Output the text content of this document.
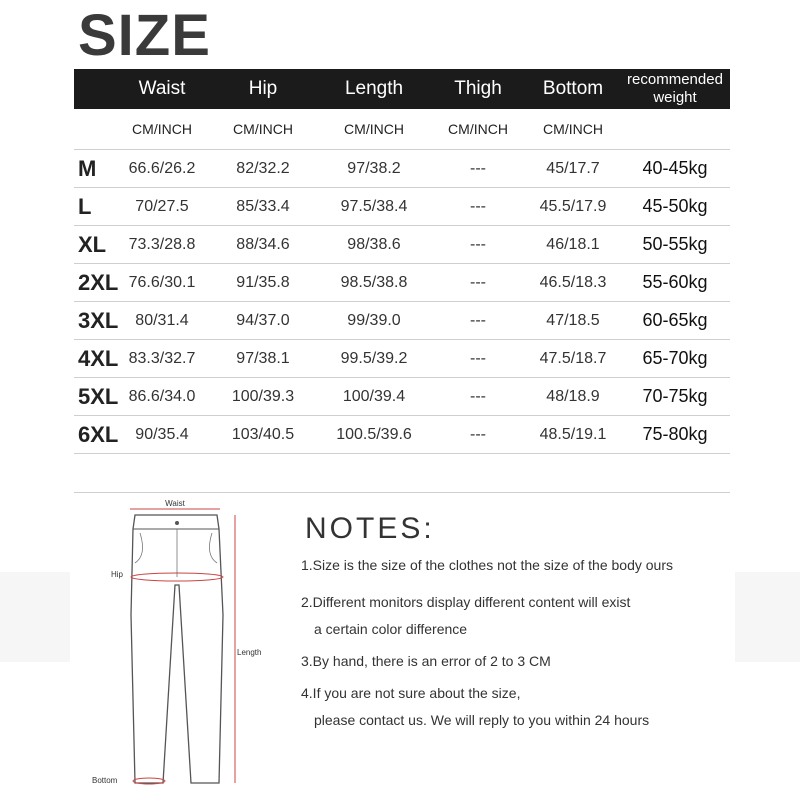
SIZE
Waist	Hip	Length	Thigh	Bottom	recommended weight
CM/INCH	CM/INCH	CM/INCH	CM/INCH	CM/INCH
M	66.6/26.2	82/32.2	97/38.2	---	45/17.7	40-45kg
L	70/27.5	85/33.4	97.5/38.4	---	45.5/17.9	45-50kg
XL	73.3/28.8	88/34.6	98/38.6	---	46/18.1	50-55kg
2XL 76.6/30.1	91/35.8	98.5/38.8	---	46.5/18.3	55-60kg
3XL	80/31.4	94/37.0	99/39.0	---	47/18.5	60-65kg
4XL 83.3/32.7	97/38.1	99.5/39.2	---	47.5/18.7	65-70kg
5XL 86.6/34.0	100/39.3	100/39.4	---	48/18.9	70-75kg
6XL	90/35.4	103/40.5	100.5/39.6	---	48.5/19.1	75-80kg
Waist
Hip
Length
Bottom
NOTES:
1.Size is the size of the clothes not the size of the body ours
2.Different monitors display different content will exist
a certain color difference
3.By hand, there is an error of 2 to 3 CM
4.If you are not sure about the size,
please contact us. We will reply to you within 24 hours
